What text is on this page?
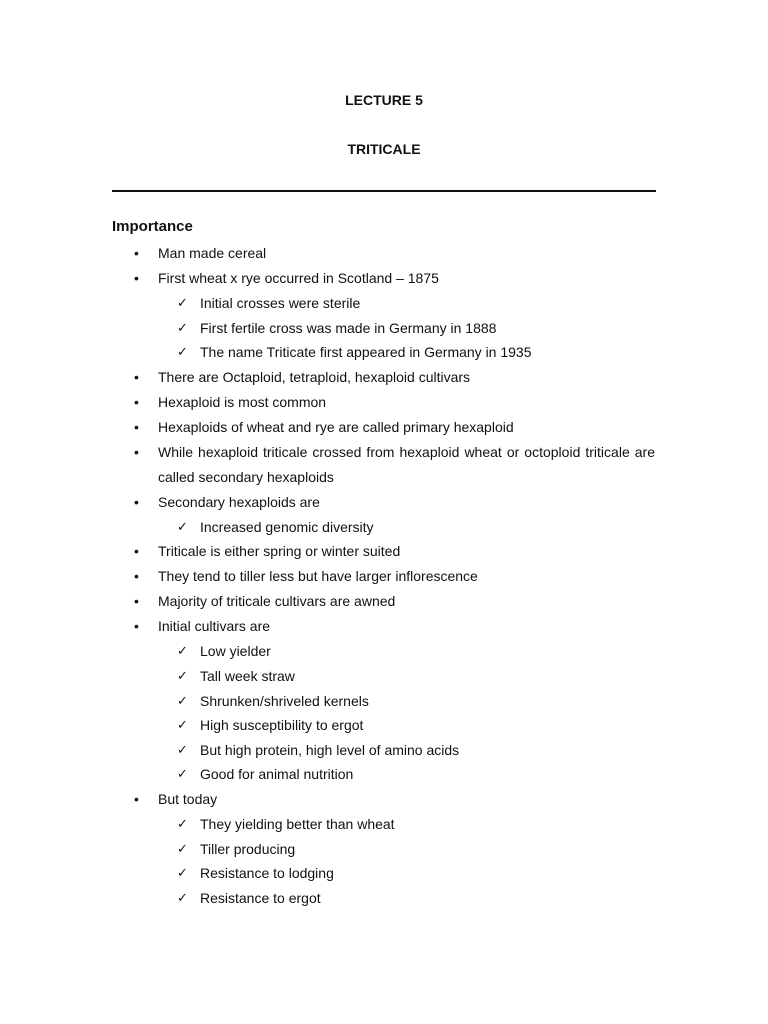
LECTURE 5
TRITICALE
Importance
• Man made cereal
• First wheat x rye occurred in Scotland – 1875
✓ Initial crosses were sterile
✓ First fertile cross was made in Germany in 1888
✓ The name Triticate first appeared in Germany in 1935
• There are Octaploid, tetraploid, hexaploid cultivars
• Hexaploid is most common
• Hexaploids of wheat and rye are called primary hexaploid
• While hexaploid triticale crossed from hexaploid wheat or octoploid triticale are called secondary hexaploids
• Secondary hexaploids are
✓ Increased genomic diversity
• Triticale is either spring or winter suited
• They tend to tiller less but have larger inflorescence
• Majority of triticale cultivars are awned
• Initial cultivars are
✓ Low yielder
✓ Tall week straw
✓ Shrunken/shriveled kernels
✓ High susceptibility to ergot
✓ But high protein, high level of amino acids
✓ Good for animal nutrition
• But today
✓ They yielding better than wheat
✓ Tiller producing
✓ Resistance to lodging
✓ Resistance to ergot
